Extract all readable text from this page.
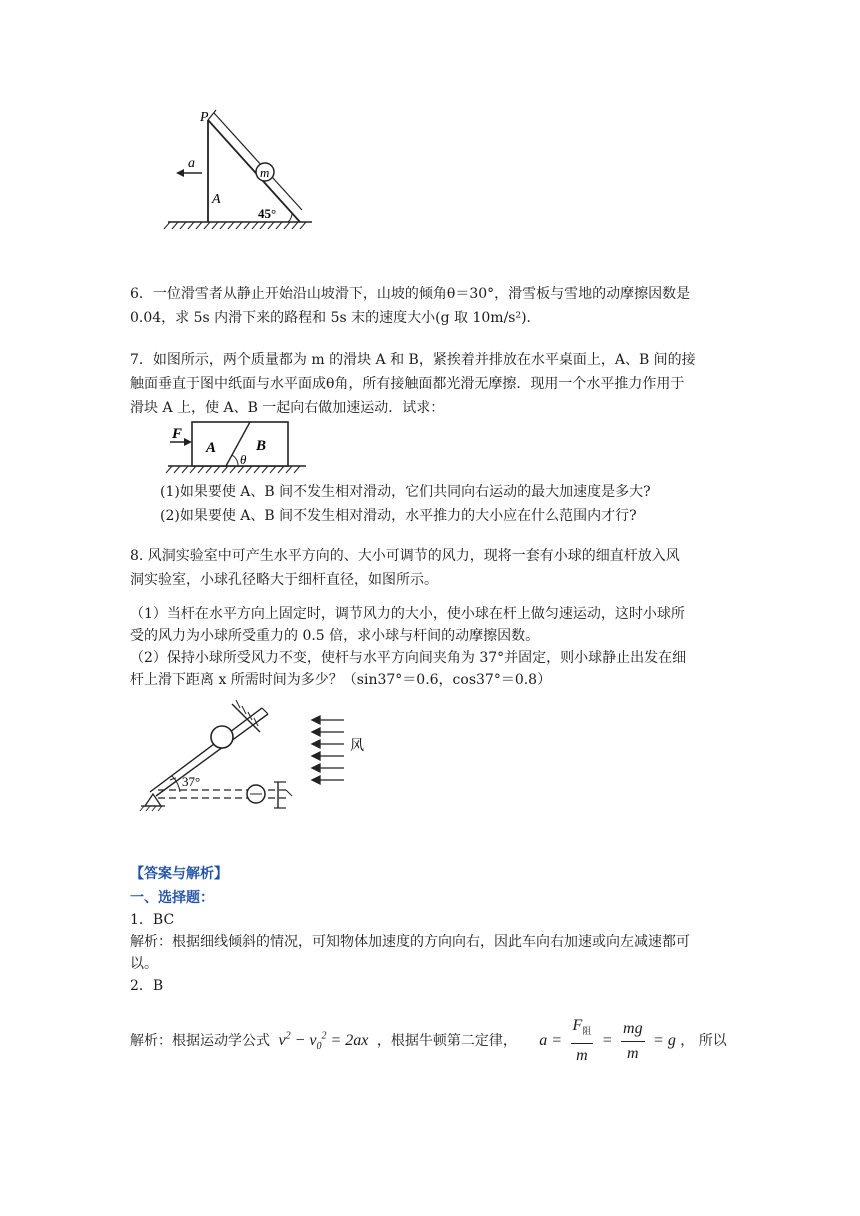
m
a
P
A
45°
6．一位滑雪者从静止开始沿山坡滑下，山坡的倾角θ＝30°，滑雪板与雪地的动摩擦因数是
0.04，求 5s 内滑下来的路程和 5s 末的速度大小(g 取 10m/s²)．
7．如图所示，两个质量都为 m 的滑块 A 和 B，紧挨着并排放在水平桌面上，A、B 间的接
触面垂直于图中纸面与水平面成θ角，所有接触面都光滑无摩擦．现用一个水平推力作用于
滑块 A 上，使 A、B 一起向右做加速运动．试求：
F
A	B
θ
(1)如果要使 A、B 间不发生相对滑动，它们共同向右运动的最大加速度是多大?
(2)如果要使 A、B 间不发生相对滑动，水平推力的大小应在什么范围内才行?
8. 风洞实验室中可产生水平方向的、大小可调节的风力，现将一套有小球的细直杆放入风
洞实验室，小球孔径略大于细杆直径，如图所示。
（1）当杆在水平方向上固定时，调节风力的大小，使小球在杆上做匀速运动，这时小球所
受的风力为小球所受重力的 0.5 倍，求小球与杆间的动摩擦因数。
（2）保持小球所受风力不变，使杆与水平方向间夹角为 37°并固定，则小球静止出发在细
杆上滑下距离 x 所需时间为多少？（sin37°＝0.6，cos37°＝0.8）
37°
风
【答案与解析】
一、选择题：
1．BC
解析：根据细线倾斜的情况，可知物体加速度的方向向右，因此车向右加速或向左减速都可
以。
2．B
解析：根据运动学公式 $v^2 - v_0^2 = 2ax$ ，根据牛顿第二定律， a =
$F_阻$
m
= $\frac{mg}{m} = g$ ， 所以
